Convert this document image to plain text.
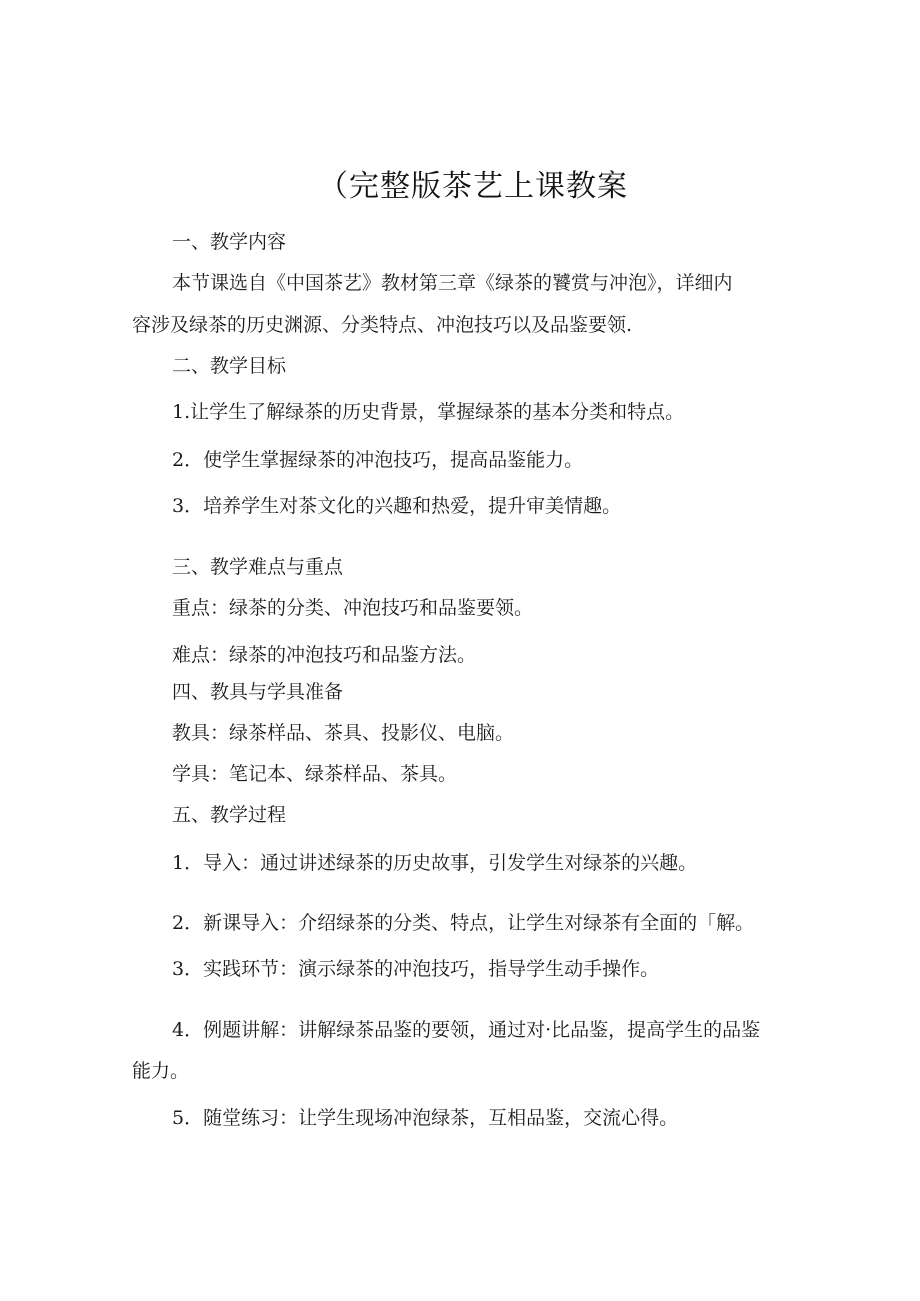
（完整版茶艺上课教案
一、教学内容
本节课选自《中国茶艺》教材第三章《绿茶的饕赏与冲泡》，详细内
容涉及绿茶的历史渊源、分类特点、冲泡技巧以及品鉴要领.
二、教学目标
1.让学生了解绿茶的历史背景，掌握绿茶的基本分类和特点。
2．使学生掌握绿茶的冲泡技巧，提高品鉴能力。
3．培养学生对茶文化的兴趣和热爱，提升审美情趣。
三、教学难点与重点
重点：绿茶的分类、冲泡技巧和品鉴要领。
难点：绿茶的冲泡技巧和品鉴方法。
四、教具与学具准备
教具：绿茶样品、茶具、投影仪、电脑。
学具：笔记本、绿茶样品、茶具。
五、教学过程
1．导入：通过讲述绿茶的历史故事，引发学生对绿茶的兴趣。
2．新课导入：介绍绿茶的分类、特点，让学生对绿茶有全面的「解。
3．实践环节：演示绿茶的冲泡技巧，指导学生动手操作。
4．例题讲解：讲解绿茶品鉴的要领，通过对·比品鉴，提高学生的品鉴
能力。
5．随堂练习：让学生现场冲泡绿茶，互相品鉴，交流心得。
